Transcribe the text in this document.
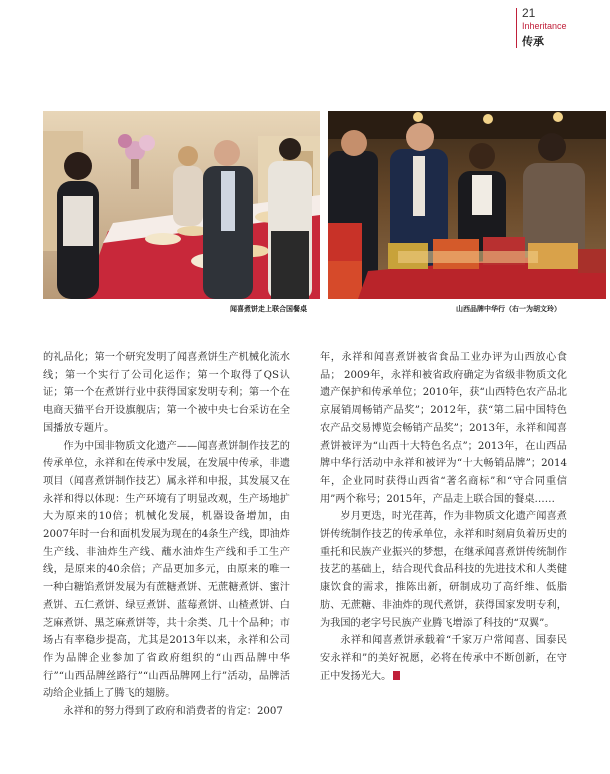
21
Inheritance
传承
闻喜煮饼走上联合国餐桌	山西品牌中华行（右一为胡文玲）

的礼品化；第一个研究发明了闻喜煮饼生产机械化流水线；第一个实行了公司化运作；第一个取得了QS认证；第一个在煮饼行业中获得国家发明专利；第一个在电商天猫平台开设旗舰店；第一个被中央七台采访在全国播放专题片。

作为中国非物质文化遗产——闻喜煮饼制作技艺的传承单位，永祥和在传承中发展，在发展中传承，非遗项目（闻喜煮饼制作技艺）属永祥和申报，其发展又在永祥和得以体现：生产环境有了明显改观，生产场地扩大为原来的10倍；机械化发展，机器设备增加，由2007年时一台和面机发展为现在的4条生产线，即油炸生产线、非油炸生产线、蘸水油炸生产线和手工生产线，是原来的40余倍；产品更加多元，由原来的唯一一种白糖馅煮饼发展为有蔗糖煮饼、无蔗糖煮饼、蜜汁煮饼、五仁煮饼、绿豆煮饼、蓝莓煮饼、山楂煮饼、白芝麻煮饼、黑芝麻煮饼等，共十余类、几十个品种；市场占有率稳步提高，尤其是2013年以来，永祥和公司作为品牌企业参加了省政府组织的“山西品牌中华行”“山西品牌丝路行”“山西品牌网上行”活动，品牌活动给企业插上了腾飞的翅膀。

永祥和的努力得到了政府和消费者的肯定：2007

年，永祥和闻喜煮饼被省食品工业办评为山西放心食品； 2009年，永祥和被省政府确定为省级非物质文化遗产保护和传承单位；2010年，获“山西特色农产品北京展销周畅销产品奖”；2012年，获“第二届中国特色农产品交易博览会畅销产品奖”；2013年，永祥和闻喜煮饼被评为“山西十大特色名点”；2013年，在山西品牌中华行活动中永祥和被评为“十大畅销品牌”；2014年，企业同时获得山西省“著名商标”和“守合同重信用”两个称号；2015年，产品走上联合国的餐桌……

岁月更迭，时光荏苒，作为非物质文化遗产闻喜煮饼传统制作技艺的传承单位，永祥和时刻肩负着历史的重托和民族产业振兴的梦想，在继承闻喜煮饼传统制作技艺的基础上，结合现代食品科技的先进技术和人类健康饮食的需求，推陈出新，研制成功了高纤维、低脂肪、无蔗糖、非油炸的现代煮饼，获得国家发明专利，为我国的老字号民族产业腾飞增添了科技的“双翼”。

永祥和闻喜煮饼承载着“千家万户常闻喜、国泰民安永祥和”的美好祝愿，必将在传承中不断创新，在守正中发扬光大。
